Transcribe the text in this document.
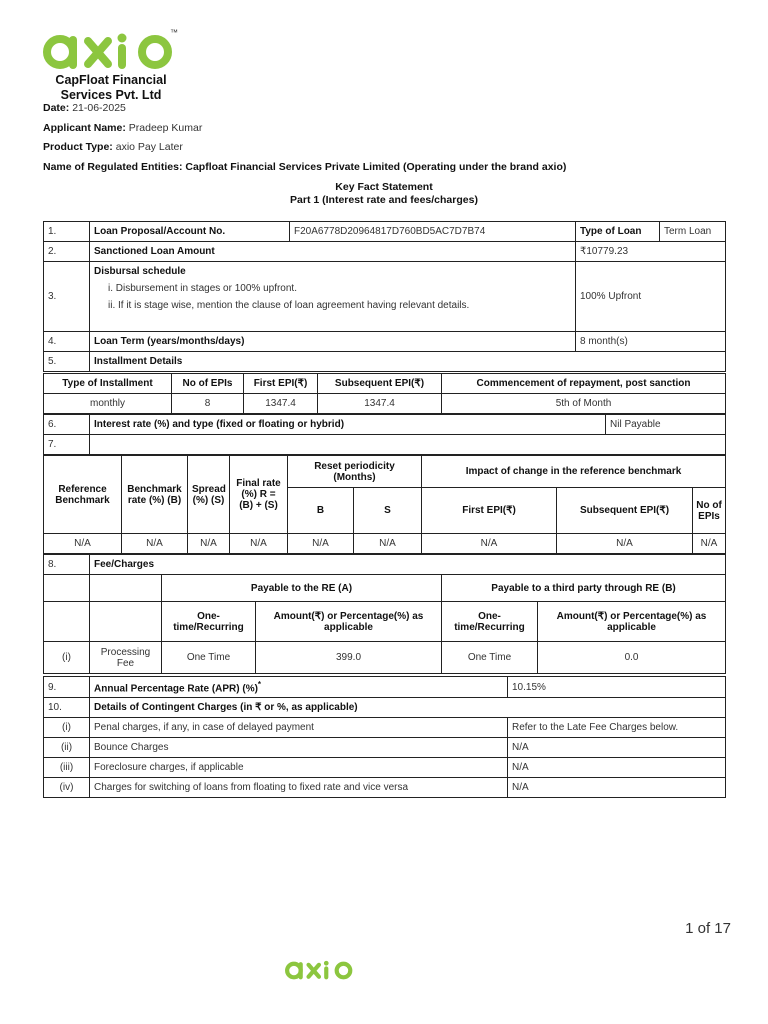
™
CapFloat Financial
Services Pvt. Ltd
Date: 21-06-2025
Applicant Name: Pradeep Kumar
Product Type: axio Pay Later
Name of Regulated Entities: Capfloat Financial Services Private Limited (Operating under the brand axio)
Key Fact Statement
Part 1 (Interest rate and fees/charges)
1.	Loan Proposal/Account No.	F20A6778D20964817D760BD5AC7D7B74	Type of Loan	Term Loan
2.	Sanctioned Loan Amount		₹10779.23	
3.	Disbursal schedule
i. Disbursement in stages or 100% upfront.
ii. If it is stage wise, mention the clause of loan agreement having relevant details.		100% Upfront	
4.	Loan Term (years/months/days)		8 month(s)	
5.	Installment Details			
Type of Installment	No of EPIs	First EPI(₹)	Subsequent EPI(₹)	Commencement of repayment, post sanction
monthly	8	1347.4	1347.4	5th of Month
6.	Interest rate (%) and type (fixed or floating or hybrid)	Nil Payable
7.		
Reference Benchmark	Benchmark rate (%) (B)	Spread (%) (S)	Final rate (%) R = (B) + (S)	Reset periodicity (Months)		Impact of change in the reference benchmark		
				B	S	First EPI(₹)	Subsequent EPI(₹)	No of EPIs
N/A	N/A	N/A	N/A	N/A	N/A	N/A	N/A	N/A
8.	Fee/Charges				
		Payable to the RE (A)		Payable to a third party through RE (B)	
		One-time/Recurring	Amount(₹) or Percentage(%) as applicable	One-time/Recurring	Amount(₹) or Percentage(%) as applicable
(i)	Processing Fee	One Time	399.0	One Time	0.0
9.	Annual Percentage Rate (APR) (%)*	10.15%
10.	Details of Contingent Charges (in ₹ or %, as applicable)	
(i)	Penal charges, if any, in case of delayed payment	Refer to the Late Fee Charges below.
(ii)	Bounce Charges	N/A
(iii)	Foreclosure charges, if applicable	N/A
(iv)	Charges for switching of loans from floating to fixed rate and vice versa	N/A
1 of 17
